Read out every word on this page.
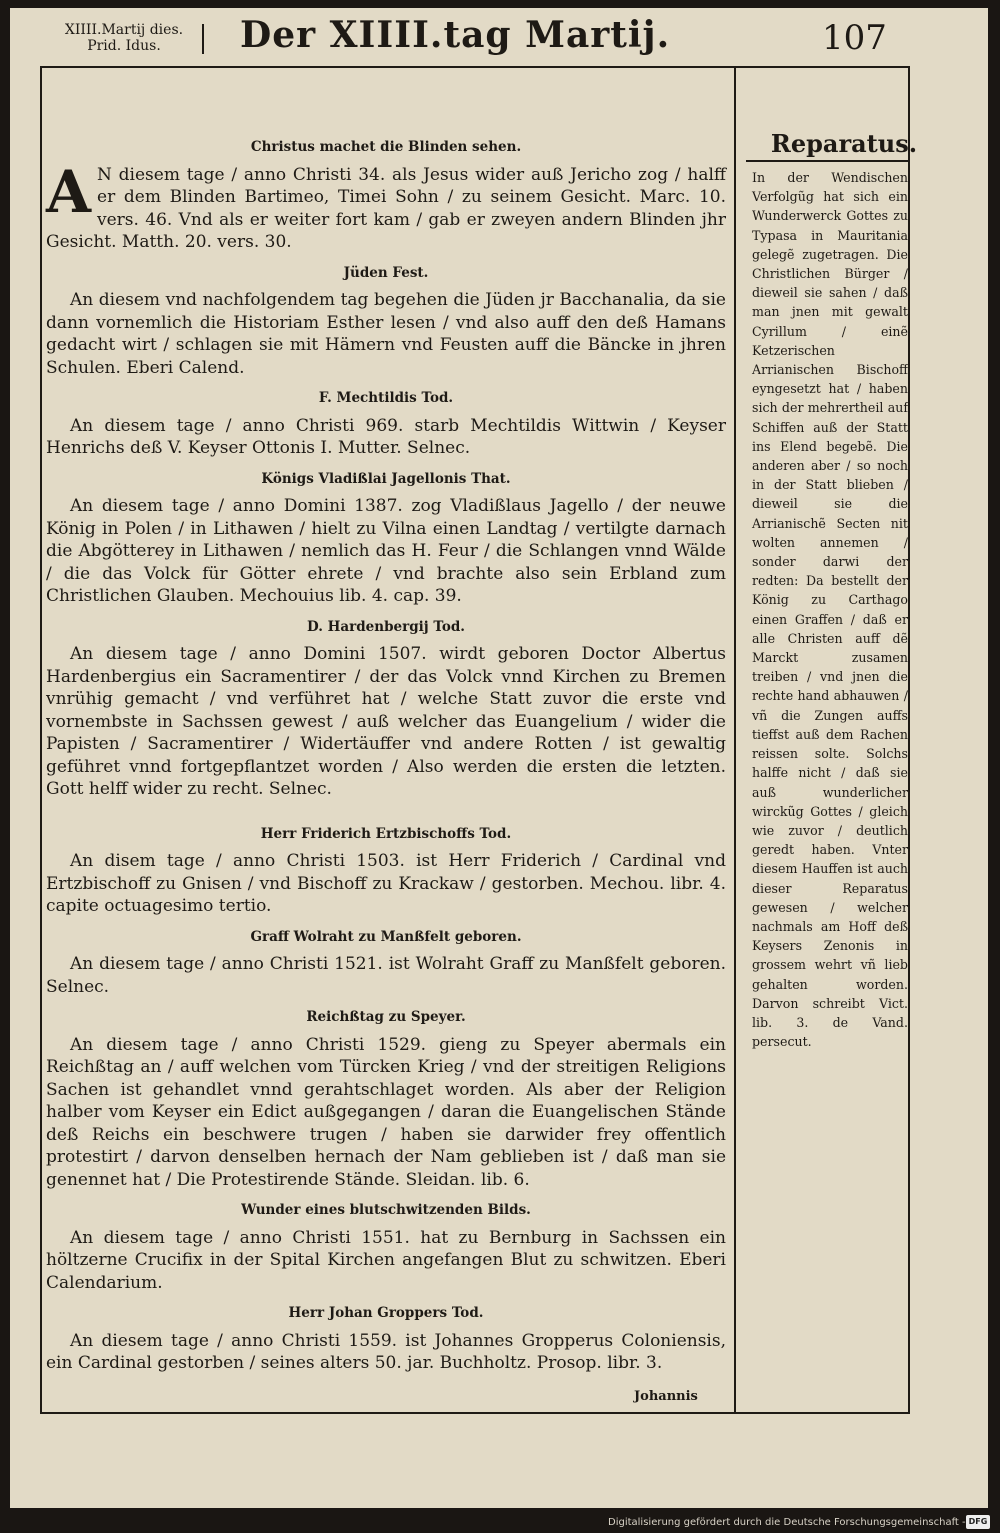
XIIII.Martij dies.
Prid. Idus.	Der XIIII.tag Martij.	107
Christus machet die Blinden sehen.

A N diesem tage / anno Christi 34. als Jesus wider auß Jericho zog / halff er dem Blinden Bartimeo, Timei Sohn / zu seinem Gesicht. Marc. 10. vers. 46. Vnd als er weiter fort kam / gab er zweyen andern Blinden jhr Gesicht. Matth. 20. vers. 30.

Jüden Fest.

An diesem vnd nachfolgendem tag begehen die Jüden jr Bacchanalia, da sie dann vornemlich die Historiam Esther lesen / vnd also auff den deß Hamans gedacht wirt / schlagen sie mit Hämern vnd Feusten auff die Bäncke in jhren Schulen. Eberi Calend.

F. Mechtildis Tod.

An diesem tage / anno Christi 969. starb Mechtildis Wittwin / Keyser Henrichs deß V. Keyser Ottonis I. Mutter. Selnec.

Königs Vladißlai Jagellonis That.

An diesem tage / anno Domini 1387. zog Vladißlaus Jagello / der neuwe König in Polen / in Lithawen / hielt zu Vilna einen Landtag / vertilgte darnach die Abgötterey in Lithawen / nemlich das H. Feur / die Schlangen vnnd Wälde / die das Volck für Götter ehrete / vnd brachte also sein Erbland zum Christlichen Glauben. Mechouius lib. 4. cap. 39.

D. Hardenbergij Tod.

An diesem tage / anno Domini 1507. wirdt geboren Doctor Albertus Hardenbergius ein Sacramentirer / der das Volck vnnd Kirchen zu Bremen vnrühig gemacht / vnd verführet hat / welche Statt zuvor die erste vnd vornembste in Sachssen gewest / auß welcher das Euangelium / wider die Papisten / Sacramentirer / Widertäuffer vnd andere Rotten / ist gewaltig geführet vnnd fortgepflantzet worden / Also werden die ersten die letzten. Gott helff wider zu recht. Selnec.

Herr Friderich Ertzbischoffs Tod.

An disem tage / anno Christi 1503. ist Herr Friderich / Cardinal vnd Ertzbischoff zu Gnisen / vnd Bischoff zu Krackaw / gestorben. Mechou. libr. 4. capite octuagesimo tertio.

Graff Wolraht zu Manßfelt geboren.

An diesem tage / anno Christi 1521. ist Wolraht Graff zu Manßfelt geboren. Selnec.

Reichßtag zu Speyer.

An diesem tage / anno Christi 1529. gieng zu Speyer abermals ein Reichßtag an / auff welchen vom Türcken Krieg / vnd der streitigen Religions Sachen ist gehandlet vnnd gerahtschlaget worden. Als aber der Religion halber vom Keyser ein Edict außgegangen / daran die Euangelischen Stände deß Reichs ein beschwere trugen / haben sie darwider frey offentlich protestirt / darvon denselben hernach der Nam geblieben ist / daß man sie genennet hat / Die Protestirende Stände. Sleidan. lib. 6.

Wunder eines blutschwitzenden Bilds.

An diesem tage / anno Christi 1551. hat zu Bernburg in Sachssen ein höltzerne Crucifix in der Spital Kirchen angefangen Blut zu schwitzen. Eberi Calendarium.

Herr Johan Groppers Tod.

An diesem tage / anno Christi 1559. ist Johannes Gropperus Coloniensis, ein Cardinal gestorben / seines alters 50. jar. Buchholtz. Prosop. libr. 3.

Reparatus.
In der Wendischen Verfolgũg hat sich ein Wunderwerck Gottes zu Typasa in Mauritania gelegẽ zugetragen. Die Christlichen Bürger / dieweil sie sahen / daß man jnen mit gewalt Cyrillum / einẽ Ketzerischen Arrianischen Bischoff eyngesetzt hat / haben sich der mehrertheil auf Schiffen auß der Statt ins Elend begebẽ. Die anderen aber / so noch in der Statt blieben / dieweil sie die Arrianischẽ Secten nit wolten annemen / sonder darwi der redten: Da bestellt der König zu Carthago einen Graffen / daß er alle Christen auff dẽ Marckt zusamen treiben / vnd jnen die rechte hand abhauwen / vñ die Zungen auffs tieffst auß dem Rachen reissen solte. Solchs halffe nicht / daß sie auß wunderlicher wirckũg Gottes / gleich wie zuvor / deutlich geredt haben. Vnter diesem Hauffen ist auch dieser Reparatus gewesen / welcher nachmals am Hoff deß Keysers Zenonis in grossem wehrt vñ lieb gehalten worden. Darvon schreibt Vict. lib. 3. de Vand. persecut.
Johannis
Digitalisierung gefördert durch die Deutsche Forschungsgemeinschaft - DFG
